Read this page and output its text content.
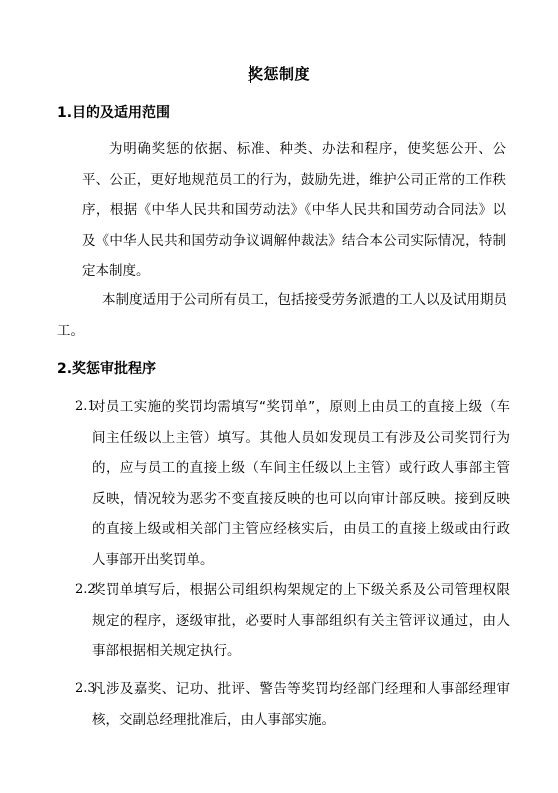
奖惩制度
1.目的及适用范围
为明确奖惩的依据、标准、种类、办法和程序，使奖惩公开、公平、公正，更好地规范员工的行为，鼓励先进，维护公司正常的工作秩序，根据《中华人民共和国劳动法》《中华人民共和国劳动合同法》以及《中华人民共和国劳动争议调解仲裁法》结合本公司实际情况，特制定本制度。
本制度适用于公司所有员工，包括接受劳务派遣的工人以及试用期员工。
2.奖惩审批程序
2.1
对员工实施的奖罚均需填写“奖罚单”，原则上由员工的直接上级（车间主任级以上主管）填写。其他人员如发现员工有涉及公司奖罚行为的，应与员工的直接上级（车间主任级以上主管）或行政人事部主管反映，情况较为恶劣不变直接反映的也可以向审计部反映。接到反映的直接上级或相关部门主管应经核实后，由员工的直接上级或由行政人事部开出奖罚单。
2.2
奖罚单填写后，根据公司组织构架规定的上下级关系及公司管理权限规定的程序，逐级审批，必要时人事部组织有关主管评议通过，由人事部根据相关规定执行。
2.3
凡涉及嘉奖、记功、批评、警告等奖罚均经部门经理和人事部经理审核，交副总经理批准后，由人事部实施。
